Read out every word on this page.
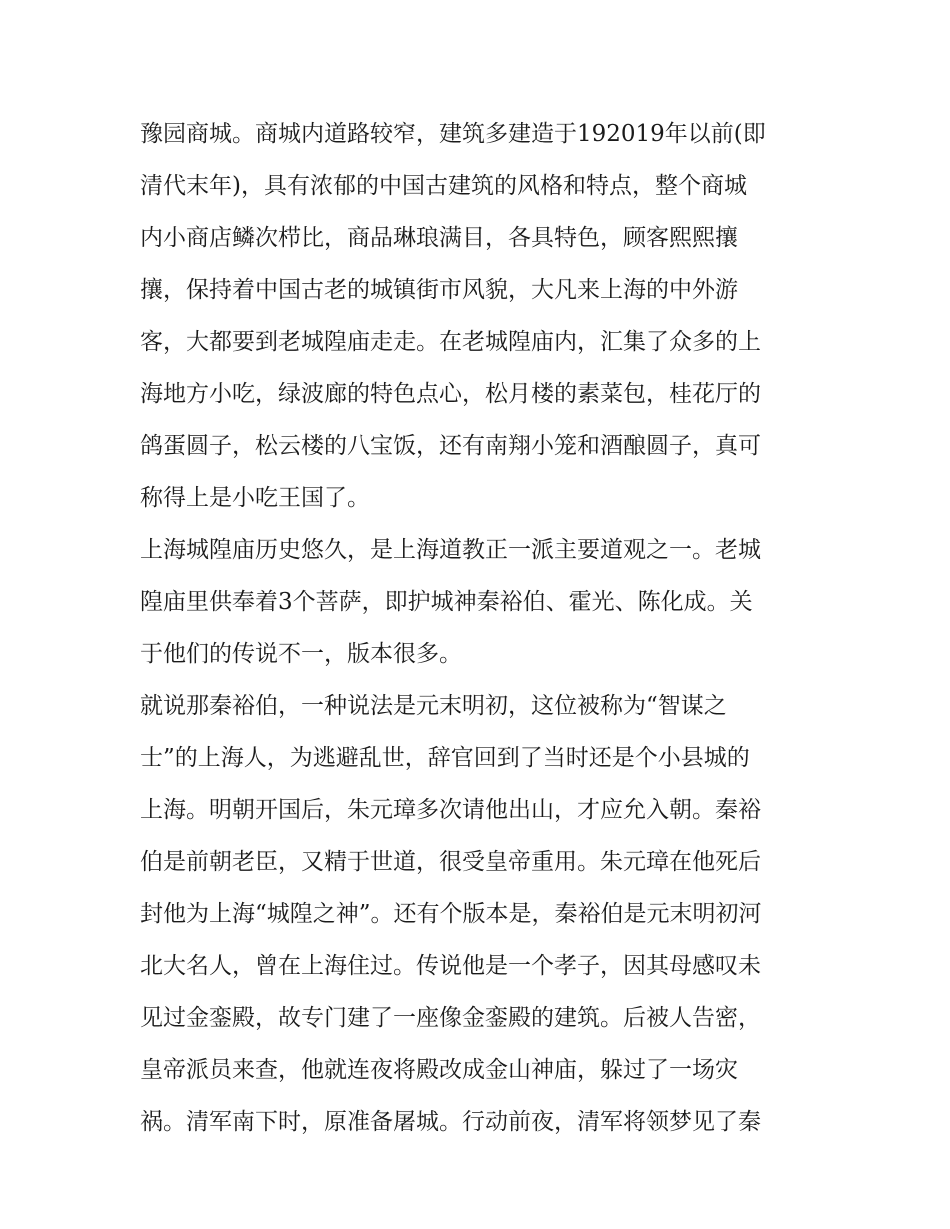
豫园商城。商城内道路较窄，建筑多建造于192019年以前(即
清代末年)，具有浓郁的中国古建筑的风格和特点，整个商城
内小商店鳞次栉比，商品琳琅满目，各具特色，顾客熙熙攘
攘，保持着中国古老的城镇街市风貌，大凡来上海的中外游
客，大都要到老城隍庙走走。在老城隍庙内，汇集了众多的上
海地方小吃，绿波廊的特色点心，松月楼的素菜包，桂花厅的
鸽蛋圆子，松云楼的八宝饭，还有南翔小笼和酒酿圆子，真可
称得上是小吃王国了。
上海城隍庙历史悠久，是上海道教正一派主要道观之一。老城
隍庙里供奉着3个菩萨，即护城神秦裕伯、霍光、陈化成。关
于他们的传说不一，版本很多。
就说那秦裕伯，一种说法是元末明初，这位被称为“智谋之
士”的上海人，为逃避乱世，辞官回到了当时还是个小县城的
上海。明朝开国后，朱元璋多次请他出山，才应允入朝。秦裕
伯是前朝老臣，又精于世道，很受皇帝重用。朱元璋在他死后
封他为上海“城隍之神”。还有个版本是，秦裕伯是元末明初河
北大名人，曾在上海住过。传说他是一个孝子，因其母感叹未
见过金銮殿，故专门建了一座像金銮殿的建筑。后被人告密，
皇帝派员来查，他就连夜将殿改成金山神庙，躲过了一场灾
祸。清军南下时，原准备屠城。行动前夜，清军将领梦见了秦
